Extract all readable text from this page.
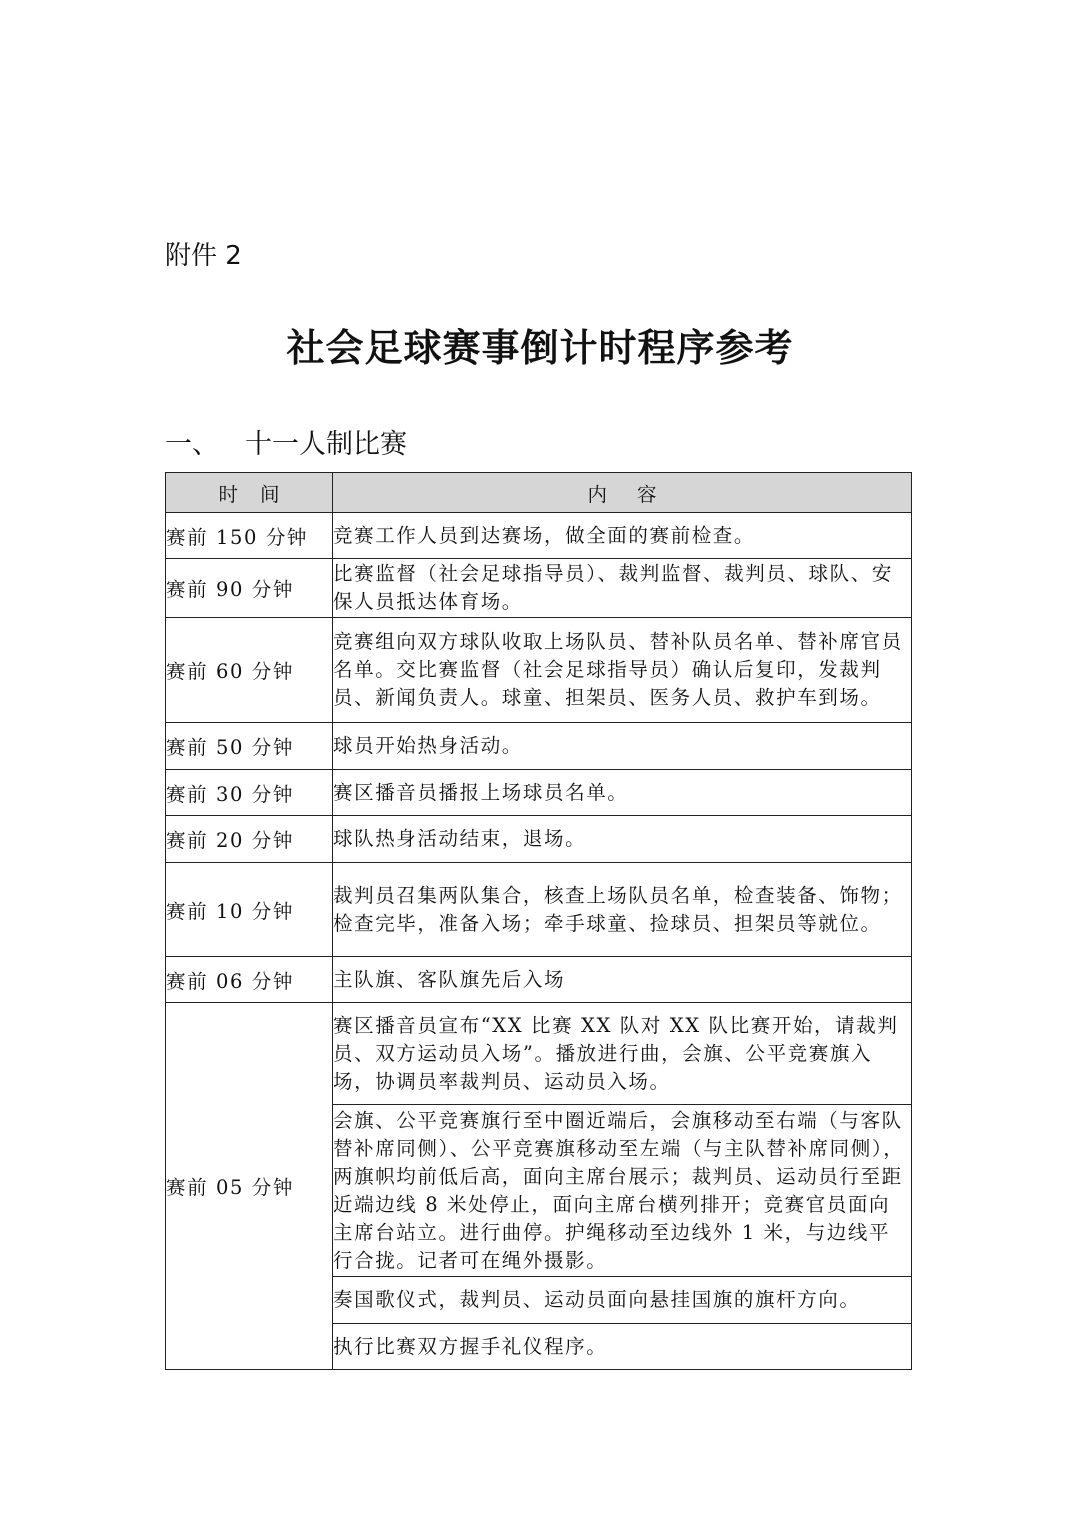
附件 2
社会足球赛事倒计时程序参考
一、 十一人制比赛
时间	内容
赛前 150 分钟	竞赛工作人员到达赛场，做全面的赛前检查。
赛前 90 分钟	比赛监督（社会足球指导员）、裁判监督、裁判员、球队、安保人员抵达体育场。
赛前 60 分钟	竞赛组向双方球队收取上场队员、替补队员名单、替补席官员名单。交比赛监督（社会足球指导员）确认后复印，发裁判员、新闻负责人。球童、担架员、医务人员、救护车到场。
赛前 50 分钟	球员开始热身活动。
赛前 30 分钟	赛区播音员播报上场球员名单。
赛前 20 分钟	球队热身活动结束，退场。
赛前 10 分钟	裁判员召集两队集合，核查上场队员名单，检查装备、饰物；检查完毕，准备入场；牵手球童、捡球员、担架员等就位。
赛前 06 分钟	主队旗、客队旗先后入场
赛前 05 分钟	赛区播音员宣布“XX 比赛 XX 队对 XX 队比赛开始，请裁判员、双方运动员入场”。播放进行曲，会旗、公平竞赛旗入场，协调员率裁判员、运动员入场。
	会旗、公平竞赛旗行至中圈近端后，会旗移动至右端（与客队替补席同侧）、公平竞赛旗移动至左端（与主队替补席同侧），两旗帜均前低后高，面向主席台展示；裁判员、运动员行至距近端边线 8 米处停止，面向主席台横列排开；竞赛官员面向主席台站立。进行曲停。护绳移动至边线外 1 米，与边线平行合拢。记者可在绳外摄影。
	奏国歌仪式，裁判员、运动员面向悬挂国旗的旗杆方向。
	执行比赛双方握手礼仪程序。
